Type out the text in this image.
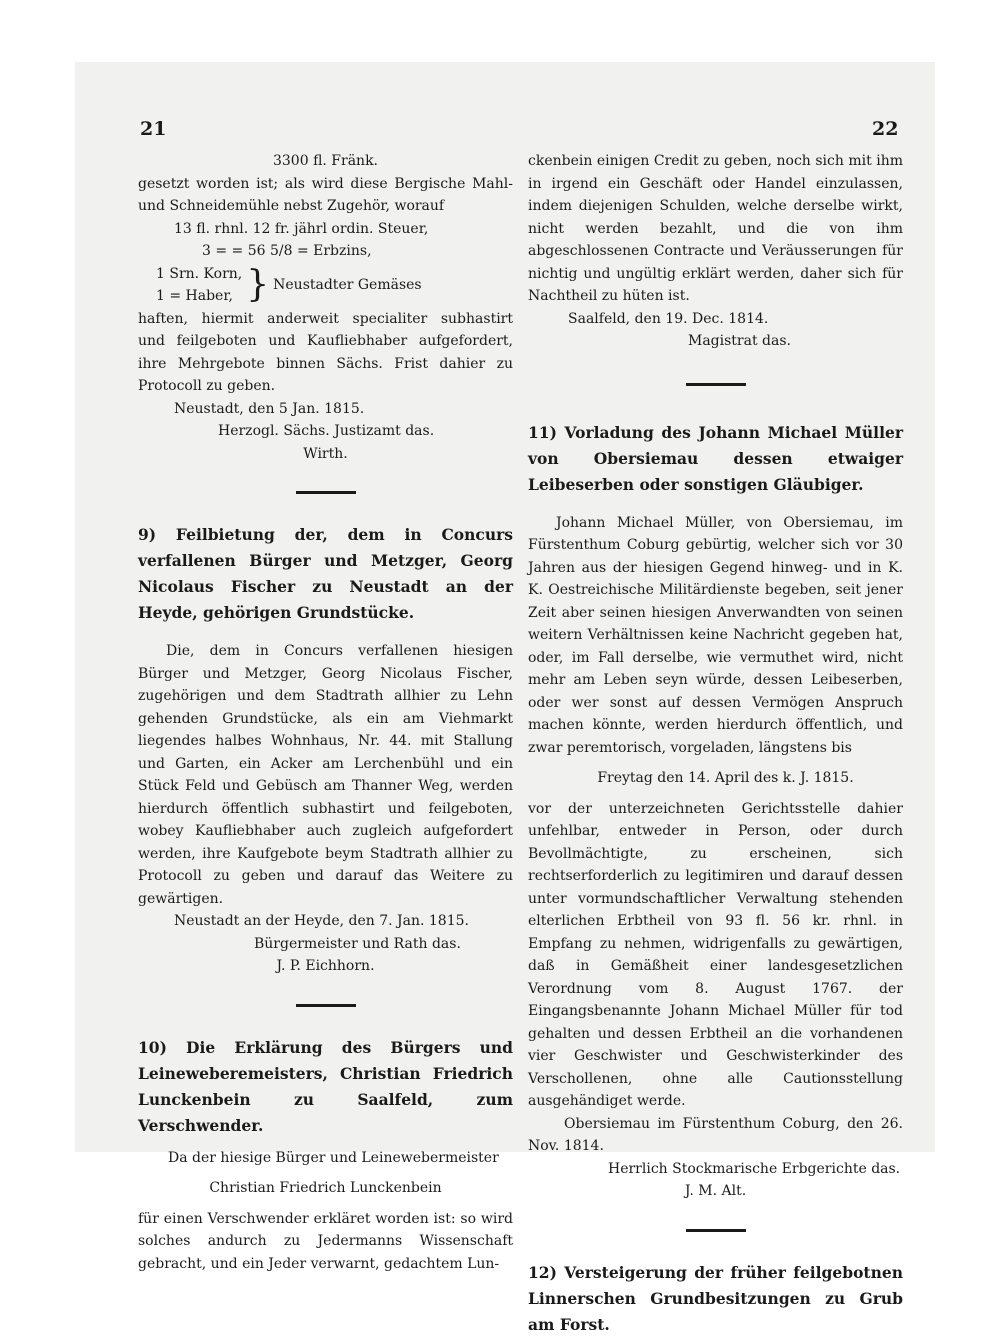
21	22

3300 fl. Fränk.

gesetzt worden ist; als wird diese Bergische Mahl-

und Schneidemühle nebst Zugehör, worauf

13 fl. rhnl. 12 fr. jährl ordin. Steuer,
3 = = 56 5/8 = Erbzins,
1 Srn. Korn,
1 = Haber, } Neustadter Gemäses

haften, hiermit anderweit specialiter subhastirt

und feilgeboten und Kaufliebhaber aufgefordert,

ihre Mehrgebote binnen Sächs. Frist dahier zu

Protocoll zu geben.

Neustadt, den 5 Jan. 1815.

Herzogl. Sächs. Justizamt das.

Wirth.

9) Feilbietung der, dem in Concurs verfallenen Bürger und Metzger, Georg Nicolaus Fischer zu Neustadt an der Heyde, gehörigen Grundstücke.

Die, dem in Concurs verfallenen hiesigen Bürger und Metzger, Georg Nicolaus Fischer, zugehörigen und dem Stadtrath allhier zu Lehn gehenden Grundstücke, als ein am Viehmarkt liegendes halbes Wohnhaus, Nr. 44. mit Stallung und Garten, ein Acker am Lerchenbühl und ein Stück Feld und Gebüsch am Thanner Weg, werden hierdurch öffentlich subhastirt und feilgeboten, wobey Kaufliebhaber auch zugleich aufgefordert werden, ihre Kaufgebote beym Stadtrath allhier zu Protocoll zu geben und darauf das Weitere zu gewärtigen.

Neustadt an der Heyde, den 7. Jan. 1815.

Bürgermeister und Rath das.

J. P. Eichhorn.

10) Die Erklärung des Bürgers und Leineweberemeisters, Christian Friedrich Lunckenbein zu Saalfeld, zum Verschwender.

Da der hiesige Bürger und Leinewebermeister

Christian Friedrich Lunckenbein

für einen Verschwender erkläret worden ist: so wird solches andurch zu Jedermanns Wissenschaft gebracht, und ein Jeder verwarnt, gedachtem Lun-

ckenbein einigen Credit zu geben, noch sich mit ihm in irgend ein Geschäft oder Handel einzulassen, indem diejenigen Schulden, welche derselbe wirkt, nicht werden bezahlt, und die von ihm abgeschlossenen Contracte und Veräusserungen für nichtig und ungültig erklärt werden, daher sich für Nachtheil zu hüten ist.

Saalfeld, den 19. Dec. 1814.

Magistrat das.

11) Vorladung des Johann Michael Müller von Obersiemau dessen etwaiger Leibeserben oder sonstigen Gläubiger.

Johann Michael Müller, von Obersiemau, im Fürstenthum Coburg gebürtig, welcher sich vor 30 Jahren aus der hiesigen Gegend hinweg- und in K. K. Oestreichische Militärdienste begeben, seit jener Zeit aber seinen hiesigen Anverwandten von seinen weitern Verhältnissen keine Nachricht gegeben hat, oder, im Fall derselbe, wie vermuthet wird, nicht mehr am Leben seyn würde, dessen Leibeserben, oder wer sonst auf dessen Vermögen Anspruch machen könnte, werden hierdurch öffentlich, und zwar peremtorisch, vorgeladen, längstens bis

Freytag den 14. April des k. J. 1815.

vor der unterzeichneten Gerichtsstelle dahier unfehlbar, entweder in Person, oder durch Bevollmächtigte, zu erscheinen, sich rechtserforderlich zu legitimiren und darauf dessen unter vormundschaftlicher Verwaltung stehenden elterlichen Erbtheil von 93 fl. 56 kr. rhnl. in Empfang zu nehmen, widrigenfalls zu gewärtigen, daß in Gemäßheit einer landesgesetzlichen Verordnung vom 8. August 1767. der Eingangsbenannte Johann Michael Müller für tod gehalten und dessen Erbtheil an die vorhandenen vier Geschwister und Geschwisterkinder des Verschollenen, ohne alle Cautionsstellung ausgehändiget werde.

Obersiemau im Fürstenthum Coburg, den 26. Nov. 1814.

Herrlich Stockmarische Erbgerichte das.

J. M. Alt.

12) Versteigerung der früher feilgebotnen Linnerschen Grundbesitzungen zu Grub am Forst.
